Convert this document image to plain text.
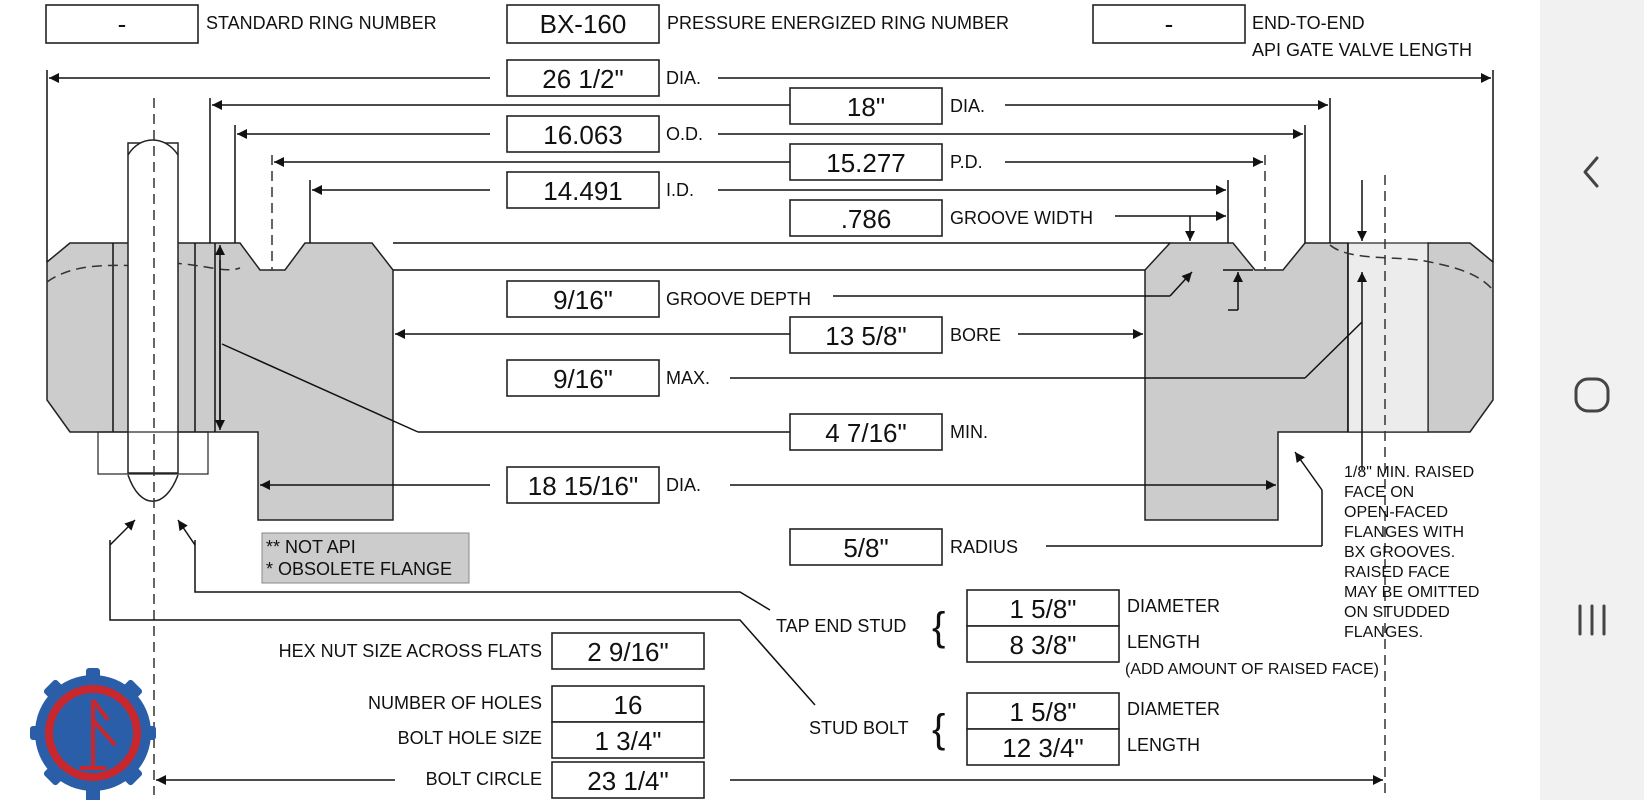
-	STANDARD RING NUMBER	BX-160 PRESSURE ENERGIZED RING NUMBER	-	END-TO-END
API GATE VALVE LENGTH
26 1/2" DIA.
18"	DIA.
16.063 O.D.
15.277 P.D.
14.491 I.D.
.786	GROOVE WIDTH
9/16"	GROOVE DEPTH
13 5/8" BORE
9/16"	MAX.
4 7/16" MIN.
18 15/16" DIA.
5/8"	RADIUS
** NOT API
* OBSOLETE FLANGE
1/8" MIN. RAISED
FACE ON
OPEN-FACED
FLANGES WITH
BX GROOVES.
RAISED FACE
MAY BE OMITTED
ON STUDDED
FLANGES.
TAP END STUD { 1 5/8"	DIAMETER
8 3/8"	LENGTH
(ADD AMOUNT OF RAISED FACE)
STUD BOLT { 1 5/8"	DIAMETER
12 3/4" LENGTH
HEX NUT SIZE ACROSS FLATS 2 9/16"
NUMBER OF HOLES	16
BOLT HOLE SIZE 1 3/4"
BOLT CIRCLE 23 1/4"
